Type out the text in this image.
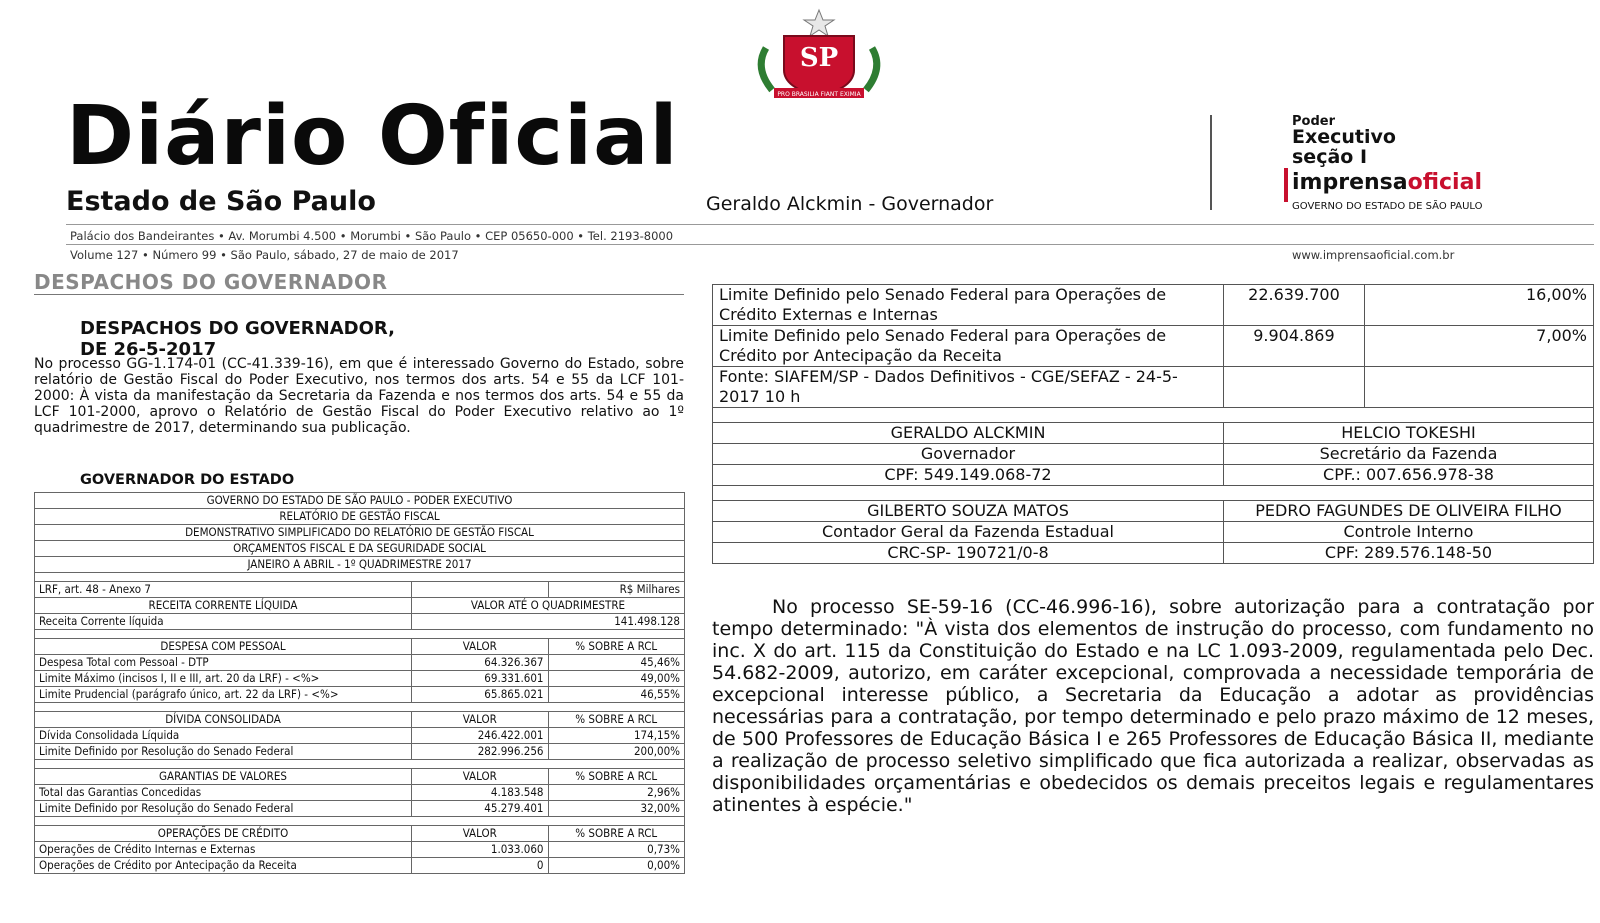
SP
PRO BRASILIA FIANT EXIMIA
Diário Oficial
Estado de São Paulo	Geraldo Alckmin - Governador
Poder
Executivo
seção I
imprensaoficial
GOVERNO DO ESTADO DE SÃO PAULO
Palácio dos Bandeirantes • Av. Morumbi 4.500 • Morumbi • São Paulo • CEP 05650-000 • Tel. 2193-8000
Volume 127 • Número 99 • São Paulo, sábado, 27 de maio de 2017	www.imprensaoficial.com.br
DESPACHOS DO GOVERNADOR
DESPACHOS DO GOVERNADOR,
DE 26-5-2017

No processo GG-1.174-01 (CC-41.339-16), em que é interessado Governo do Estado, sobre relatório de Gestão Fiscal do Poder Executivo, nos termos dos arts. 54 e 55 da LCF 101-2000: À vista da manifestação da Secretaria da Fazenda e nos termos dos arts. 54 e 55 da LCF 101-2000, aprovo o Relatório de Gestão Fiscal do Poder Executivo relativo ao 1º quadrimestre de 2017, determinando sua publicação.

GOVERNADOR DO ESTADO
GOVERNO DO ESTADO DE SÃO PAULO - PODER EXECUTIVO		
RELATÓRIO DE GESTÃO FISCAL		
DEMONSTRATIVO SIMPLIFICADO DO RELATÓRIO DE GESTÃO FISCAL		
ORÇAMENTOS FISCAL E DA SEGURIDADE SOCIAL		
JANEIRO A ABRIL - 1º QUADRIMESTRE 2017		

LRF, art. 48 - Anexo 7		R$ Milhares
RECEITA CORRENTE LÍQUIDA	VALOR ATÉ O QUADRIMESTRE	
Receita Corrente líquida	141.498.128	

DESPESA COM PESSOAL	VALOR	% SOBRE A RCL
Despesa Total com Pessoal - DTP	64.326.367	45,46%
Limite Máximo (incisos I, II e III, art. 20 da LRF) - <%>	69.331.601	49,00%
Limite Prudencial (parágrafo único, art. 22 da LRF) - <%>	65.865.021	46,55%

DÍVIDA CONSOLIDADA	VALOR	% SOBRE A RCL
Dívida Consolidada Líquida	246.422.001	174,15%
Limite Definido por Resolução do Senado Federal	282.996.256	200,00%

GARANTIAS DE VALORES	VALOR	% SOBRE A RCL
Total das Garantias Concedidas	4.183.548	2,96%
Limite Definido por Resolução do Senado Federal	45.279.401	32,00%

OPERAÇÕES DE CRÉDITO	VALOR	% SOBRE A RCL
Operações de Crédito Internas e Externas	1.033.060	0,73%
Operações de Crédito por Antecipação da Receita	0	0,00%
Limite Definido pelo Senado Federal para Operações de Crédito Externas e Internas	22.639.700	16,00%
Limite Definido pelo Senado Federal para Operações de Crédito por Antecipação da Receita	9.904.869	7,00%
Fonte: SIAFEM/SP - Dados Definitivos - CGE/SEFAZ - 24-5-2017 10 h		

GERALDO ALCKMIN	HELCIO TOKESHI	
Governador	Secretário da Fazenda	
CPF: 549.149.068-72	CPF.: 007.656.978-38	

GILBERTO SOUZA MATOS	PEDRO FAGUNDES DE OLIVEIRA FILHO	
Contador Geral da Fazenda Estadual	Controle Interno	
CRC-SP- 190721/0-8	CPF: 289.576.148-50	

No processo SE-59-16 (CC-46.996-16), sobre autorização para a contratação por tempo determinado: "À vista dos elementos de instrução do processo, com fundamento no inc. X do art. 115 da Constituição do Estado e na LC 1.093-2009, regulamentada pelo Dec. 54.682-2009, autorizo, em caráter excepcional, comprovada a necessidade temporária de excepcional interesse público, a Secretaria da Educação a adotar as providências necessárias para a contratação, por tempo determinado e pelo prazo máximo de 12 meses, de 500 Professores de Educação Básica I e 265 Professores de Educação Básica II, mediante a realização de processo seletivo simplificado que fica autorizada a realizar, observadas as disponibilidades orçamentárias e obedecidos os demais preceitos legais e regulamentares atinentes à espécie."
